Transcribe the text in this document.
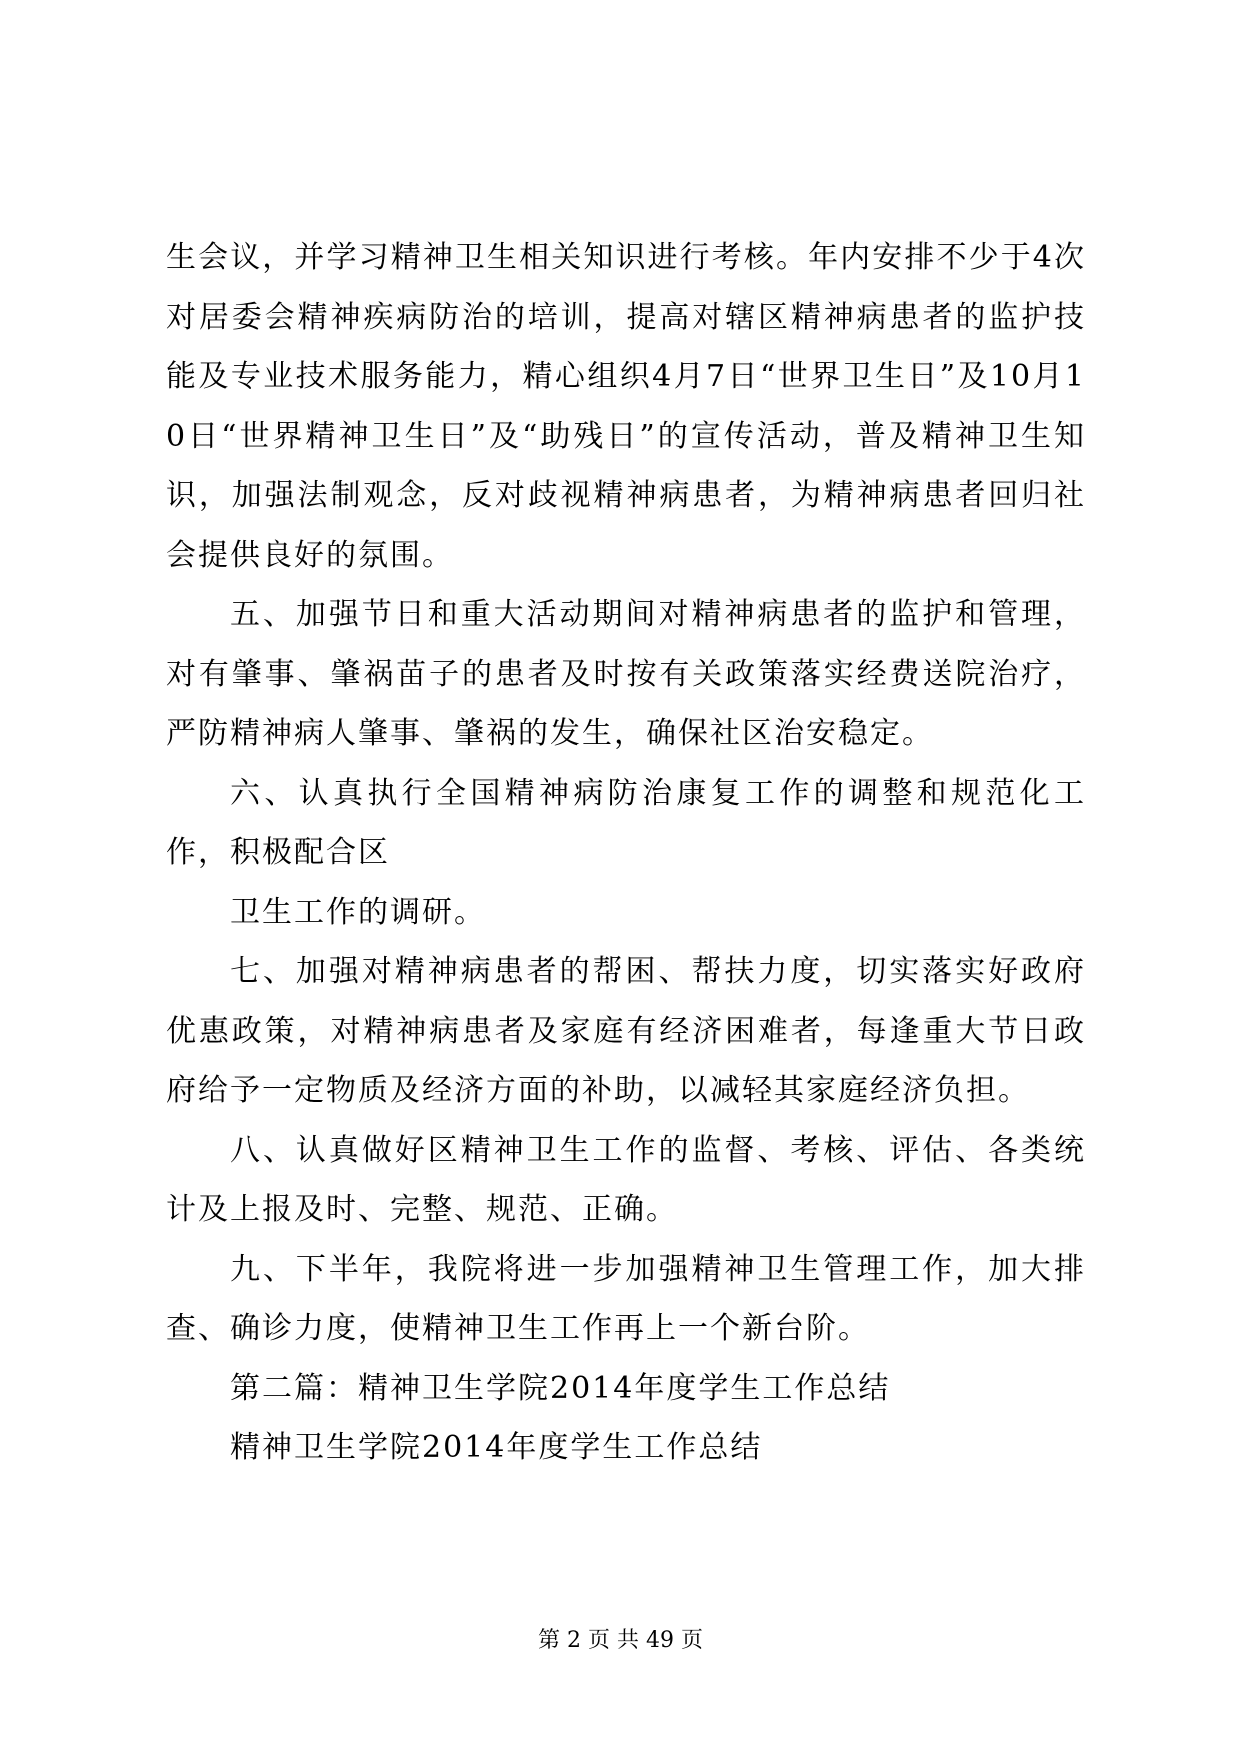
生会议，并学习精神卫生相关知识进行考核。年内安排不少于4次对居委会精神疾病防治的培训，提高对辖区精神病患者的监护技能及专业技术服务能力，精心组织4月7日“世界卫生日”及10月10日“世界精神卫生日”及“助残日”的宣传活动，普及精神卫生知识，加强法制观念，反对歧视精神病患者，为精神病患者回归社会提供良好的氛围。

五、加强节日和重大活动期间对精神病患者的监护和管理，对有肇事、肇祸苗子的患者及时按有关政策落实经费送院治疗，严防精神病人肇事、肇祸的发生，确保社区治安稳定。

六、认真执行全国精神病防治康复工作的调整和规范化工作，积极配合区

卫生工作的调研。

七、加强对精神病患者的帮困、帮扶力度，切实落实好政府优惠政策，对精神病患者及家庭有经济困难者，每逢重大节日政府给予一定物质及经济方面的补助，以减轻其家庭经济负担。

八、认真做好区精神卫生工作的监督、考核、评估、各类统计及上报及时、完整、规范、正确。

九、下半年，我院将进一步加强精神卫生管理工作，加大排查、确诊力度，使精神卫生工作再上一个新台阶。

第二篇：精神卫生学院2014年度学生工作总结

精神卫生学院2014年度学生工作总结

第 2 页 共 49 页
